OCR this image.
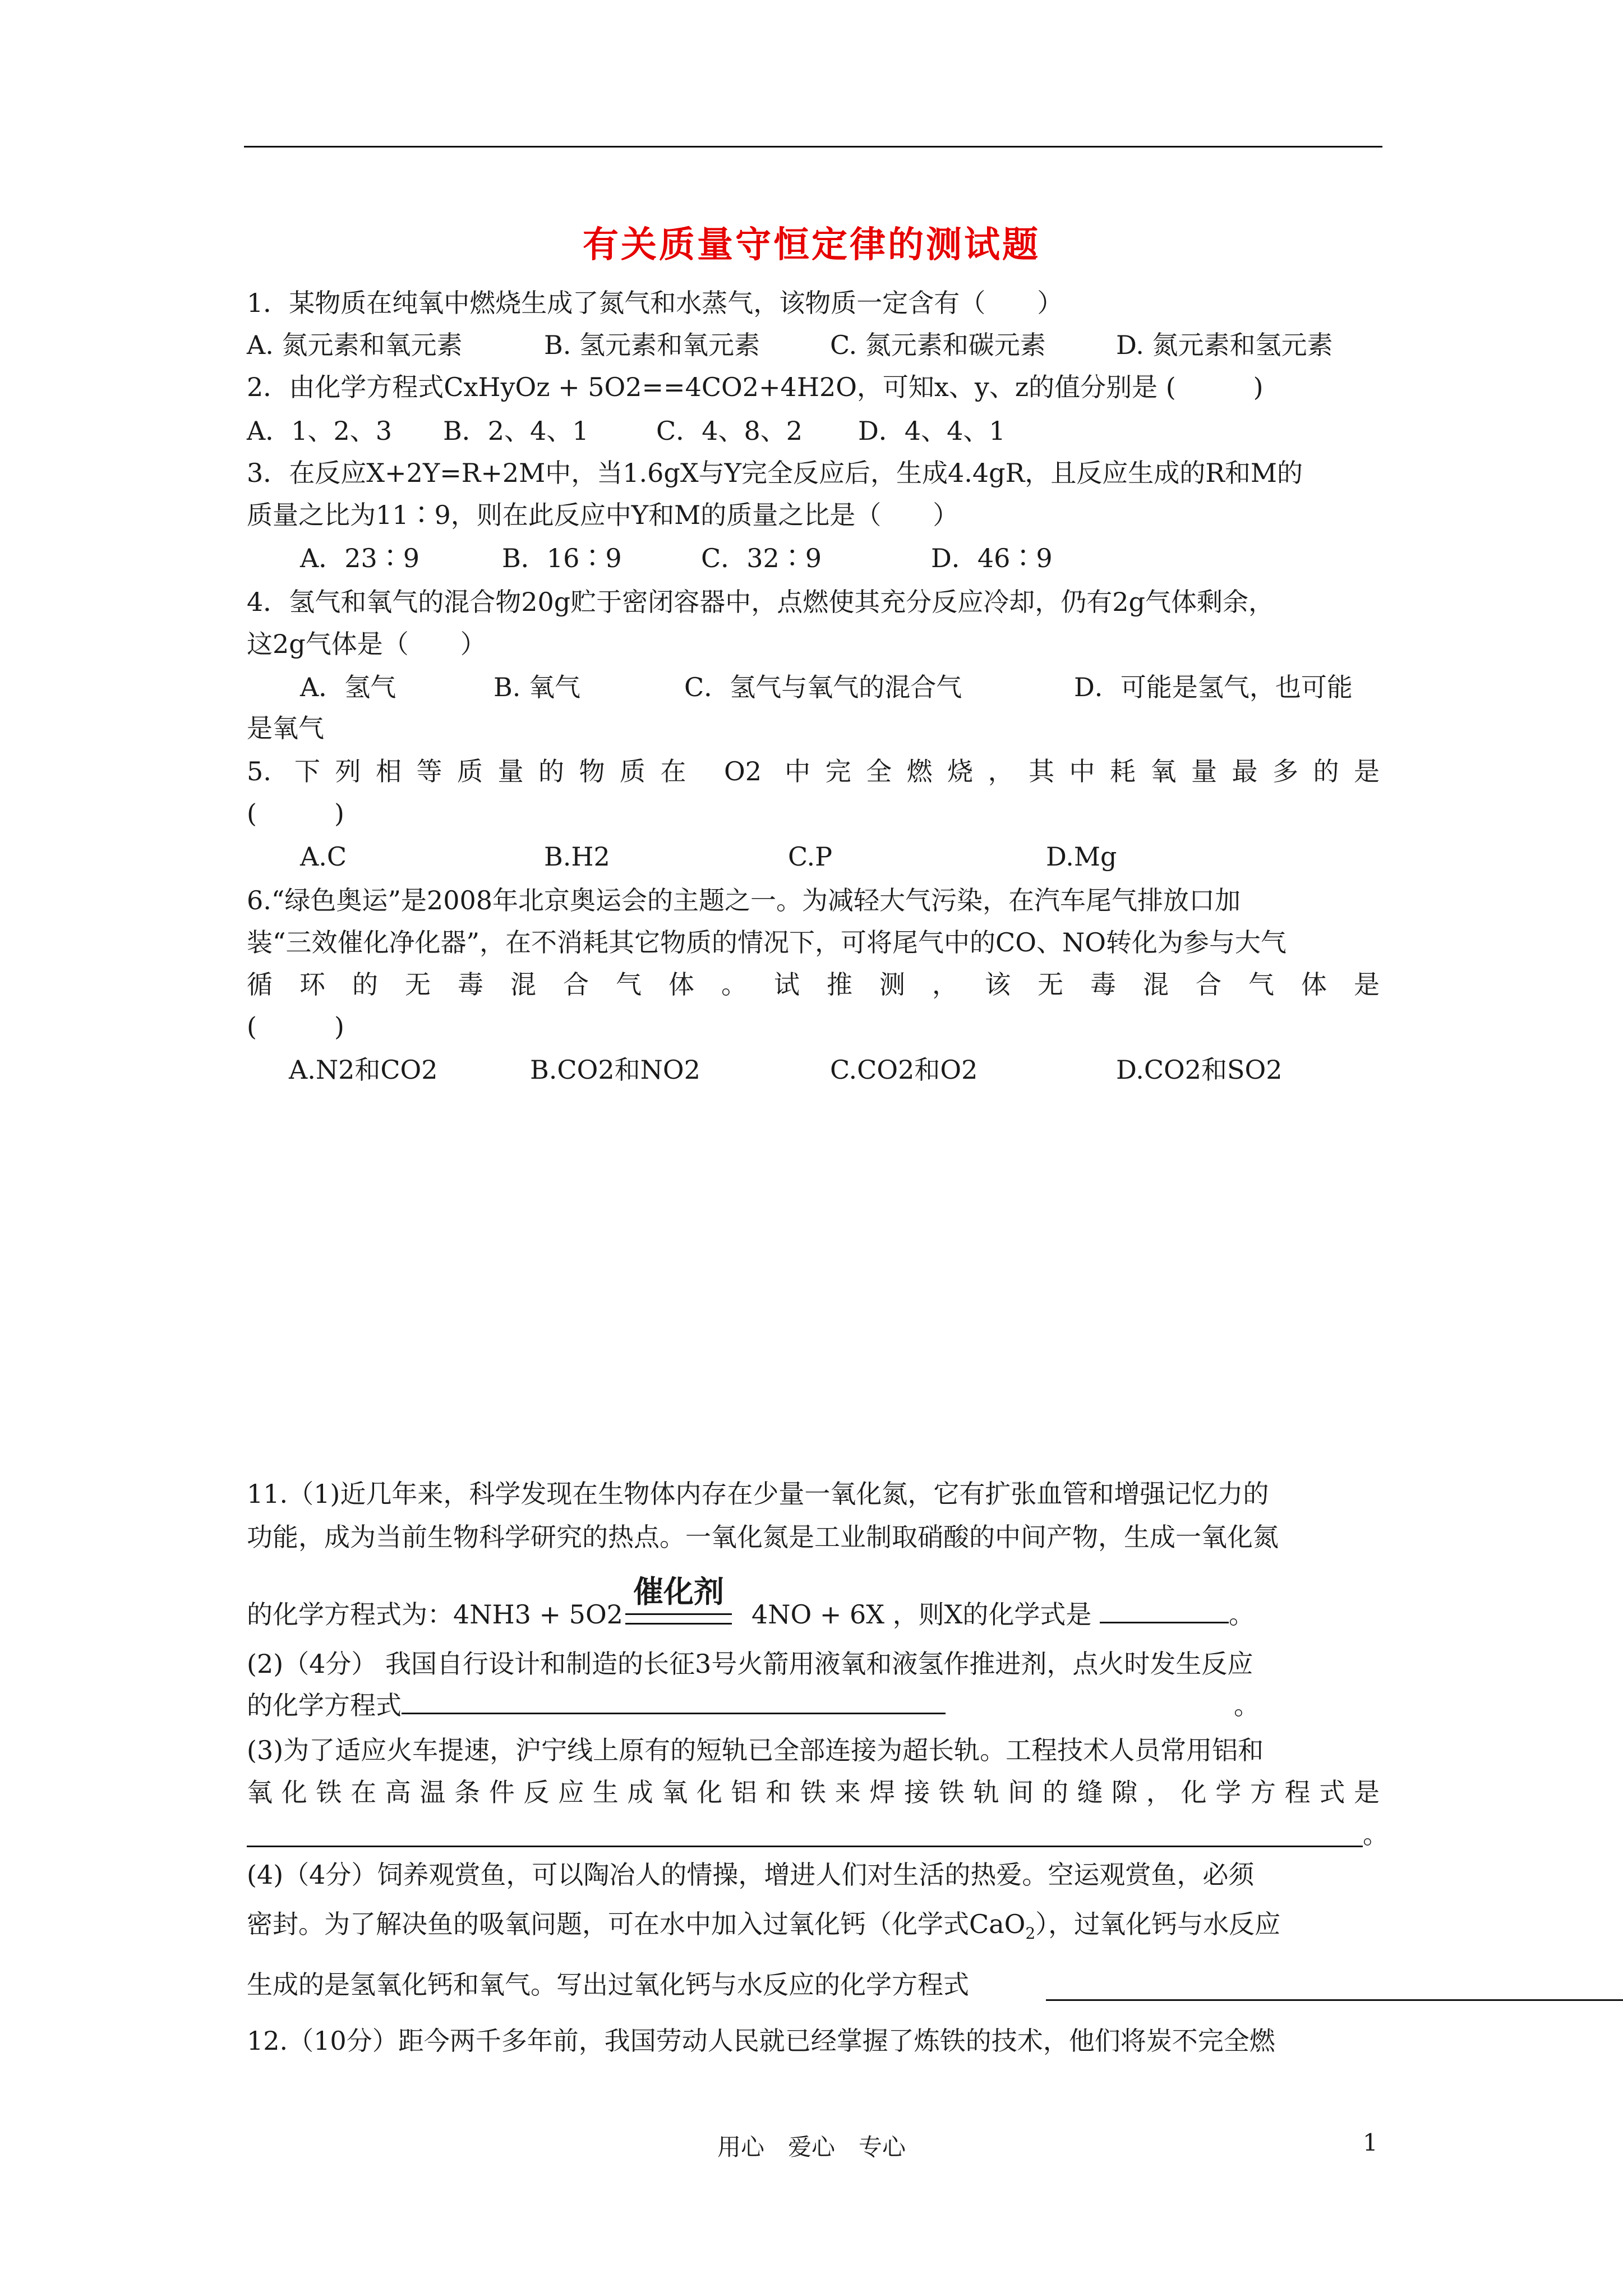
有关质量守恒定律的测试题
1．某物质在纯氧中燃烧生成了氮气和水蒸气，该物质一定含有（　　）
A. 氮元素和氧元素	B. 氢元素和氧元素	C. 氮元素和碳元素	D. 氮元素和氢元素
2．由化学方程式CxHyOz + 5O2==4CO2+4H2O，可知x、y、z的值分别是 (　　　)
A．1、2、3 B．2、4、1	C．4、8、2 D．4、4、1
3．在反应X+2Y=R+2M中，当1.6gX与Y完全反应后，生成4.4gR，且反应生成的R和M的
质量之比为11∶9，则在此反应中Y和M的质量之比是（　　）
A．23∶9	B．16∶9	C．32∶9	D．46∶9
4．氢气和氧气的混合物20g贮于密闭容器中，点燃使其充分反应冷却，仍有2g气体剩余，
这2g气体是（　　）
A．氢气	B. 氧气	C．氢气与氧气的混合气	D．可能是氢气，也可能
是氧气
5. 下列相等质量的物质在 O2 中完全燃烧，其中耗氧量最多的是
(　　　)
A.C	B.H2	C.P	D.Mg
6.“绿色奥运”是2008年北京奥运会的主题之一。为减轻大气污染，在汽车尾气排放口加
装“三效催化净化器”，在不消耗其它物质的情况下，可将尾气中的CO、NO转化为参与大气
循环的无毒混合气体。试推测，该无毒混合气体是
(　　　)
A.N2和CO2	B.CO2和NO2	C.CO2和O2	D.CO2和SO2
11.（1)近几年来，科学发现在生物体内存在少量一氧化氮，它有扩张血管和增强记忆力的
功能，成为当前生物科学研究的热点。一氧化氮是工业制取硝酸的中间产物，生成一氧化氮
的化学方程式为：4NH3 + 5O2
催化剂
4NO + 6X ，则X的化学式是	。
(2)（4分） 我国自行设计和制造的长征3号火箭用液氧和液氢作推进剂，点火时发生反应
的化学方程式	。
(3)为了适应火车提速，沪宁线上原有的短轨已全部连接为超长轨。工程技术人员常用铝和
氧化铁在高温条件反应生成氧化铝和铁来焊接铁轨间的缝隙，化学方程式是
。
(4)（4分）饲养观赏鱼，可以陶冶人的情操，增进人们对生活的热爱。空运观赏鱼，必须
密封。为了解决鱼的吸氧问题，可在水中加入过氧化钙（化学式CaO$_2$），过氧化钙与水反应
生成的是氢氧化钙和氧气。写出过氧化钙与水反应的化学方程式
12.（10分）距今两千多年前，我国劳动人民就已经掌握了炼铁的技术，他们将炭不完全燃
用心　爱心　专心	1
